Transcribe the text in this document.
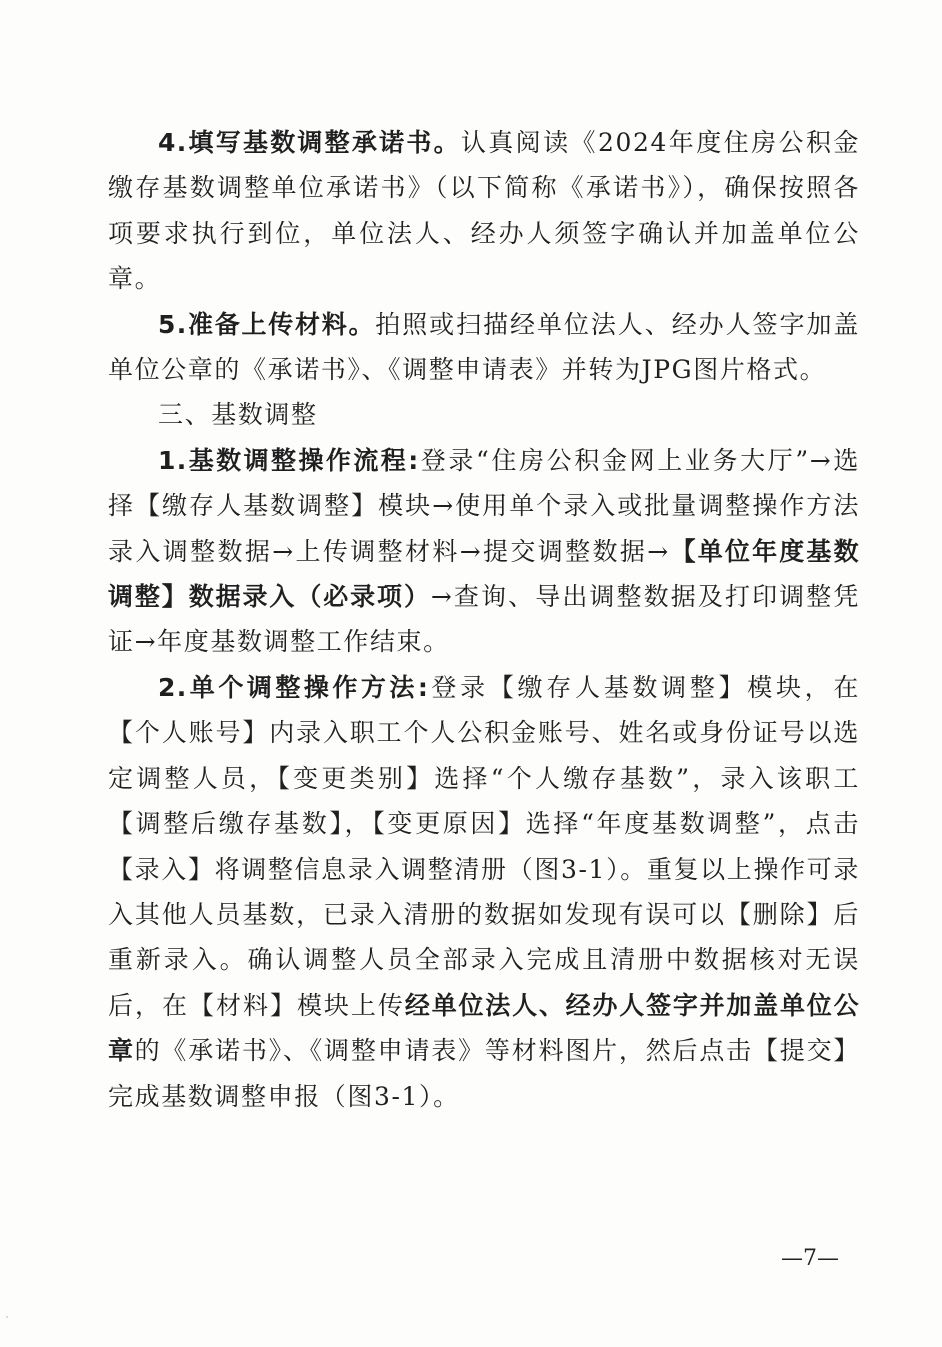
4.填写基数调整承诺书。认真阅读《2024年度住房公积金缴存基数调整单位承诺书》（以下简称《承诺书》），确保按照各项要求执行到位，单位法人、经办人须签字确认并加盖单位公章。

5.准备上传材料。拍照或扫描经单位法人、经办人签字加盖单位公章的《承诺书》、《调整申请表》并转为JPG图片格式。

三、基数调整

1.基数调整操作流程:登录“住房公积金网上业务大厅”→选择【缴存人基数调整】模块→使用单个录入或批量调整操作方法录入调整数据→上传调整材料→提交调整数据→【单位年度基数调整】数据录入（必录项）→查询、导出调整数据及打印调整凭证→年度基数调整工作结束。

2.单个调整操作方法:登录【缴存人基数调整】模块，在【个人账号】内录入职工个人公积金账号、姓名或身份证号以选定调整人员，【变更类别】选择“个人缴存基数”，录入该职工【调整后缴存基数】，【变更原因】选择“年度基数调整”，点击【录入】将调整信息录入调整清册（图3-1）。重复以上操作可录入其他人员基数，已录入清册的数据如发现有误可以【删除】后重新录入。确认调整人员全部录入完成且清册中数据核对无误后，在【材料】模块上传经单位法人、经办人签字并加盖单位公章的《承诺书》、《调整申请表》等材料图片，然后点击【提交】完成基数调整申报（图3-1）。

—7—
